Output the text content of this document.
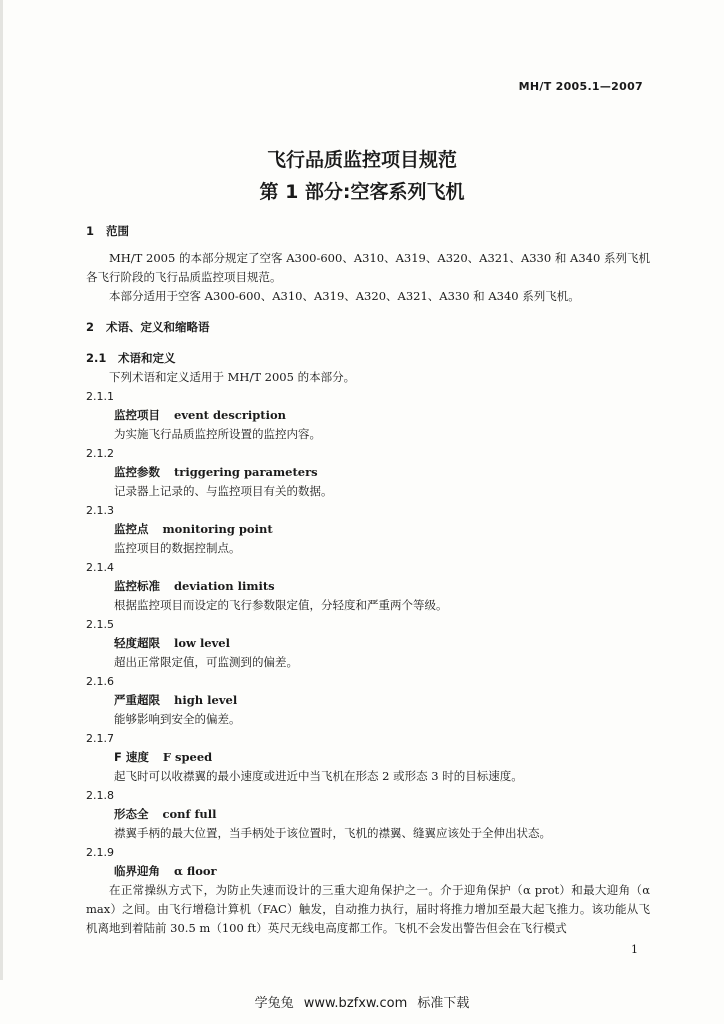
MH/T 2005.1—2007
飞行品质监控项目规范
第 1 部分:空客系列飞机

1 范围

MH/T 2005 的本部分规定了空客 A300-600、A310、A319、A320、A321、A330 和 A340 系列飞机各飞行阶段的飞行品质监控项目规范。

本部分适用于空客 A300-600、A310、A319、A320、A321、A330 和 A340 系列飞机。

2 术语、定义和缩略语

2.1 术语和定义

下列术语和定义适用于 MH/T 2005 的本部分。

2.1.1

监控项目 event description

为实施飞行品质监控所设置的监控内容。

2.1.2

监控参数 triggering parameters

记录器上记录的、与监控项目有关的数据。

2.1.3

监控点 monitoring point

监控项目的数据控制点。

2.1.4

监控标准 deviation limits

根据监控项目而设定的飞行参数限定值，分轻度和严重两个等级。

2.1.5

轻度超限 low level

超出正常限定值，可监测到的偏差。

2.1.6

严重超限 high level

能够影响到安全的偏差。

2.1.7

F 速度 F speed

起飞时可以收襟翼的最小速度或进近中当飞机在形态 2 或形态 3 时的目标速度。

2.1.8

形态全 conf full

襟翼手柄的最大位置，当手柄处于该位置时，飞机的襟翼、缝翼应该处于全伸出状态。

2.1.9

临界迎角 α floor

在正常操纵方式下，为防止失速而设计的三重大迎角保护之一。介于迎角保护（α prot）和最大迎角（α max）之间。由飞行增稳计算机（FAC）触发，自动推力执行，届时将推力增加至最大起飞推力。该功能从飞机离地到着陆前 30.5 m（100 ft）英尺无线电高度都工作。飞机不会发出警告但会在飞行模式

1
学兔兔 www.bzfxw.com 标准下载
